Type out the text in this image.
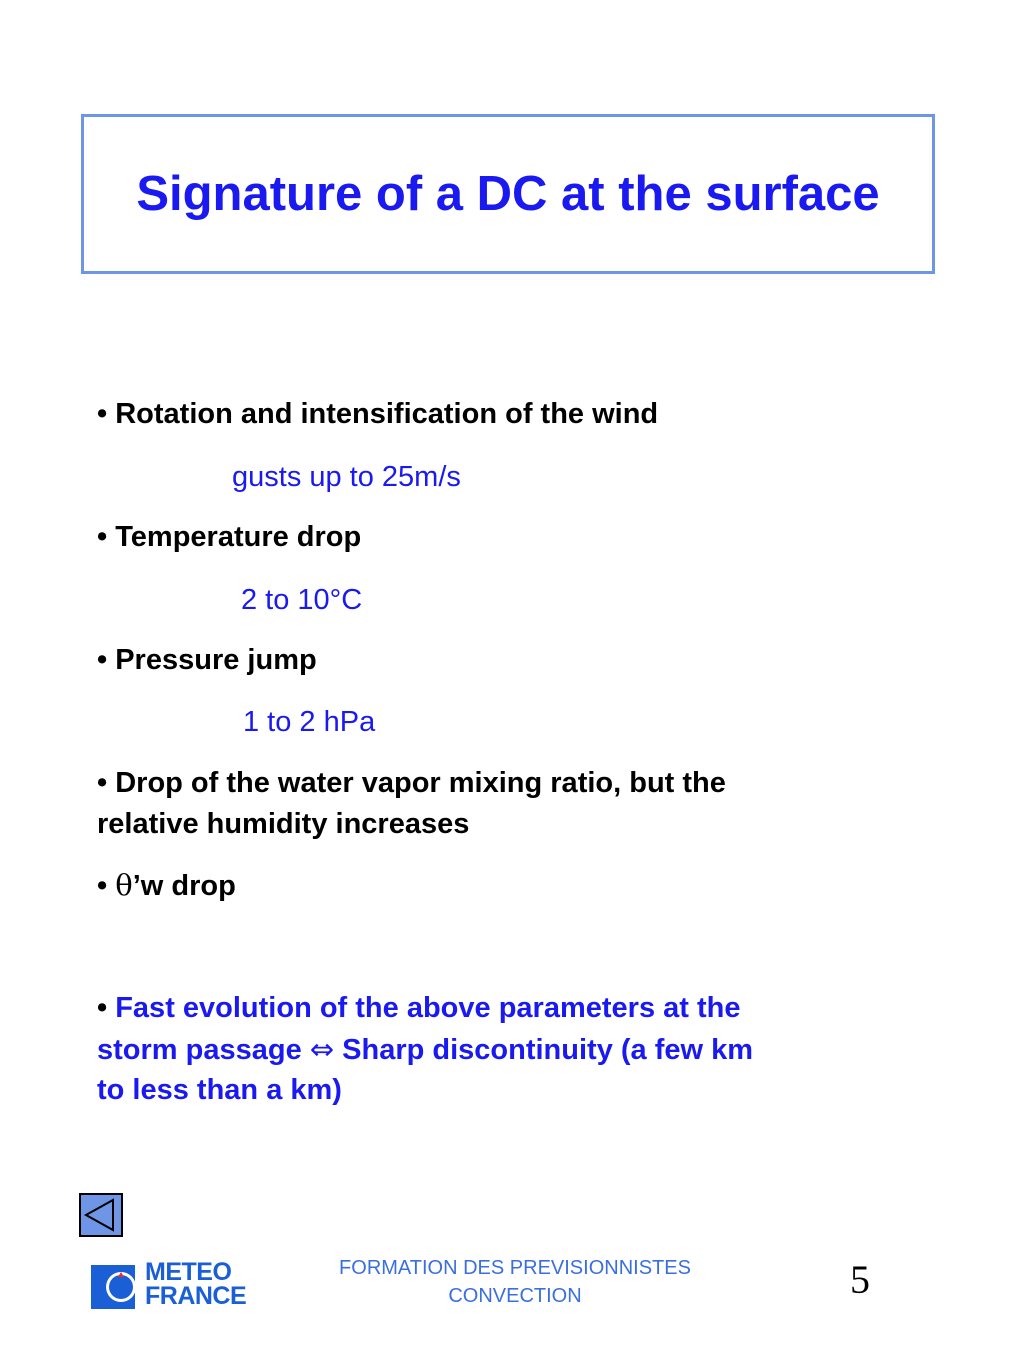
Signature of a DC at the surface
• Rotation and intensification of the wind
gusts up to 25m/s
• Temperature drop
2 to 10°C
• Pressure jump
1 to 2 hPa
• Drop of the water vapor mixing ratio, but the
relative humidity increases
• θ’w drop
• Fast evolution of the above parameters at the
storm passage ⇔ Sharp discontinuity (a few km
to less than a km)
METEO
FRANCE
FORMATION DES PREVISIONNISTES
CONVECTION	5
